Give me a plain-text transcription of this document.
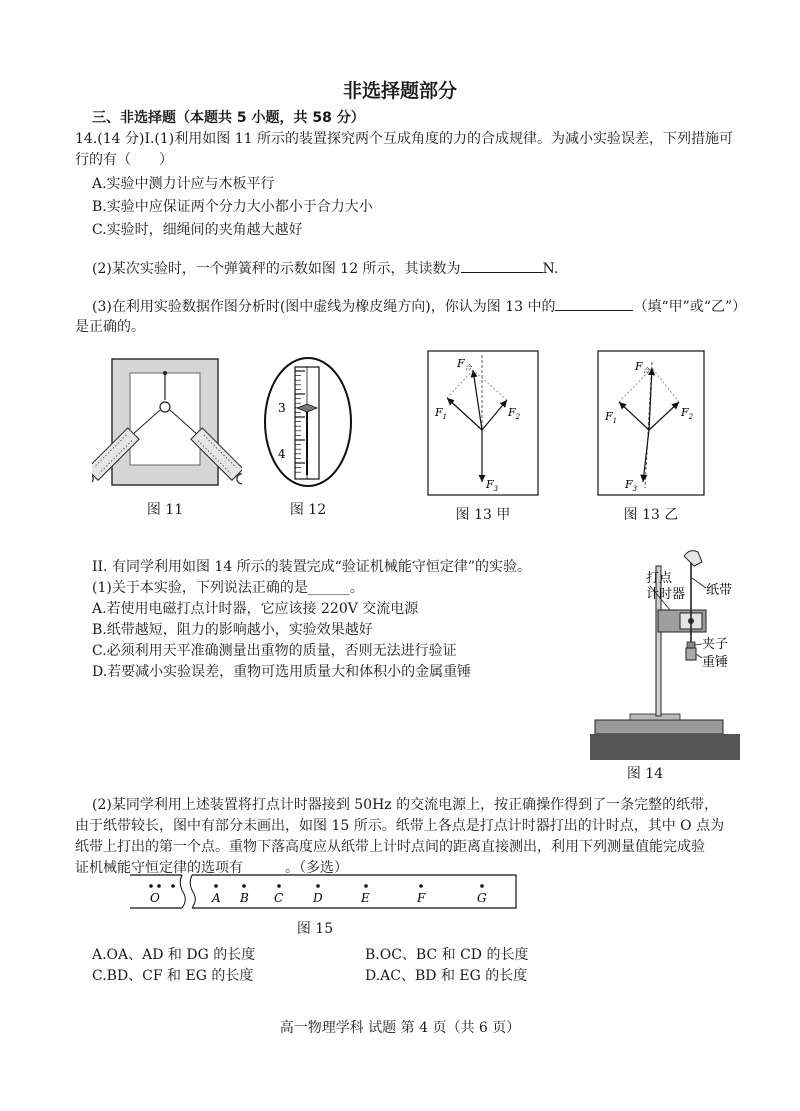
非选择题部分
三、非选择题（本题共 5 小题，共 58 分）
14.(14 分)I.(1)利用如图 11 所示的装置探究两个互成角度的力的合成规律。为减小实验误差，下列措施可
行的有（　　）
A.实验中测力计应与木板平行
B.实验中应保证两个分力大小都小于合力大小
C.实验时，细绳间的夹角越大越好
(2)某次实验时，一个弹簧秤的示数如图 12 所示，其读数为	N.
(3)在利用实验数据作图分析时(图中虚线为橡皮绳方向)，你认为图 13 中的	（填“甲”或“乙”）
是正确的。
图 11
3
4
图 12
$F_合$
$F_1$	$F_2$
$F_3$
图 13 甲
$F_合$
$F_1$
$F_2$
$F_3$
图 13 乙
II. 有同学利用如图 14 所示的装置完成“验证机械能守恒定律”的实验。
(1)关于本实验，下列说法正确的是______。
A.若使用电磁打点计时器，它应该接 220V 交流电源
B.纸带越短，阻力的影响越小，实验效果越好
C.必须利用天平准确测量出重物的质量，否则无法进行验证
D.若要减小实验误差，重物可选用质量大和体积小的金属重锤
打点
计时器 纸带
夹子
重锤
图 14
(2)某同学利用上述装置将打点计时器接到 50Hz 的交流电源上，按正确操作得到了一条完整的纸带，
由于纸带较长，图中有部分未画出，如图 15 所示。纸带上各点是打点计时器打出的计时点，其中 O 点为
纸带上打出的第一个点。重物下落高度应从纸带上计时点间的距离直接测出，利用下列测量值能完成验
证机械能守恒定律的选项有______。（多选）
O	A B C D	E	F	G
图 15
A.OA、AD 和 DG 的长度	B.OC、BC 和 CD 的长度
C.BD、CF 和 EG 的长度	D.AC、BD 和 EG 的长度
高一物理学科 试题 第 4 页（共 6 页）
